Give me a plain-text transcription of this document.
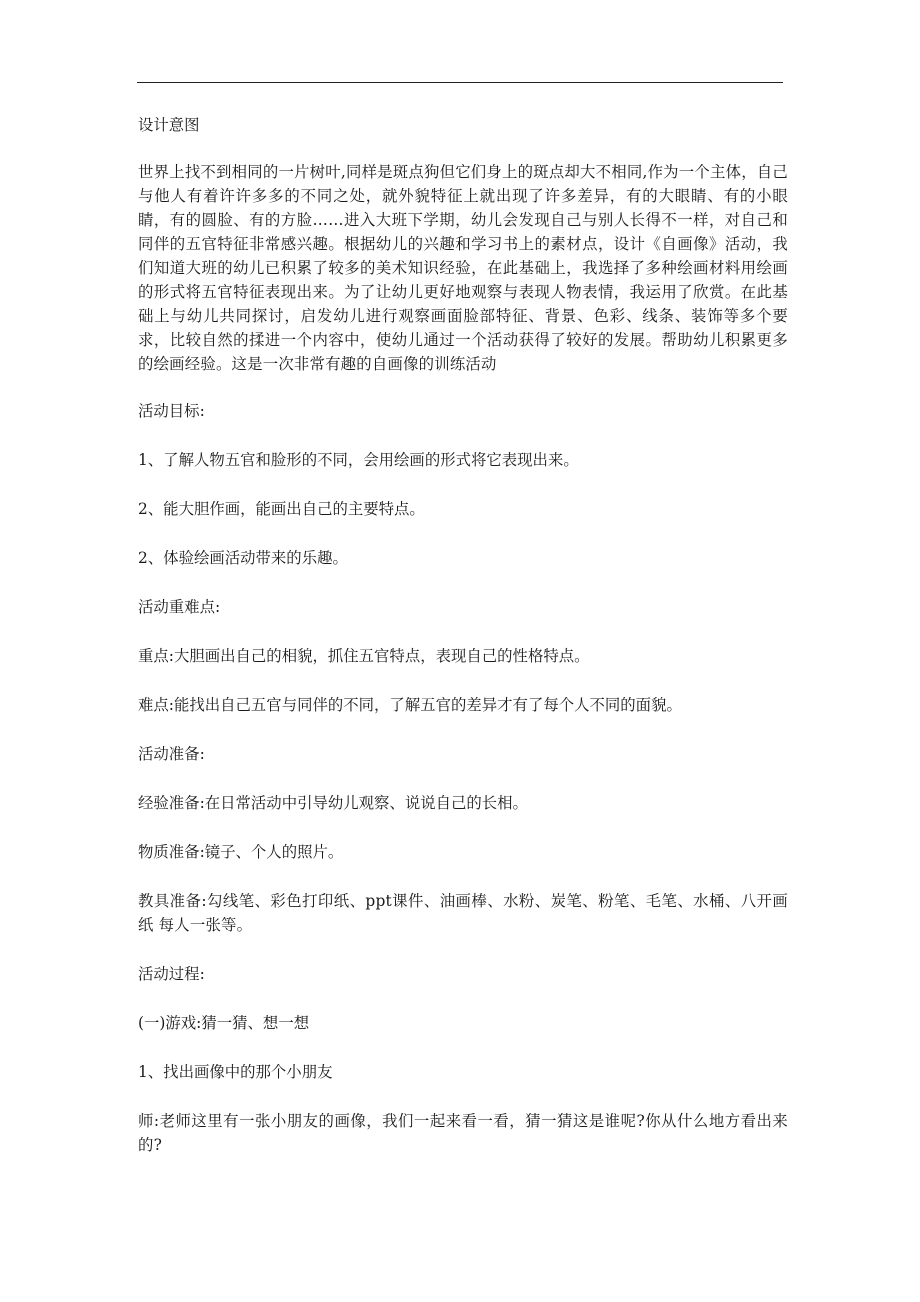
设计意图

世界上找不到相同的一片树叶,同样是斑点狗但它们身上的斑点却大不相同,作为一个主体，自己与他人有着许许多多的不同之处，就外貌特征上就出现了许多差异，有的大眼睛、有的小眼睛，有的圆脸、有的方脸……进入大班下学期，幼儿会发现自己与别人长得不一样，对自己和同伴的五官特征非常感兴趣。根据幼儿的兴趣和学习书上的素材点，设计《自画像》活动，我们知道大班的幼儿已积累了较多的美术知识经验，在此基础上，我选择了多种绘画材料用绘画的形式将五官特征表现出来。为了让幼儿更好地观察与表现人物表情，我运用了欣赏。在此基础上与幼儿共同探讨，启发幼儿进行观察画面脸部特征、背景、色彩、线条、装饰等多个要求，比较自然的揉进一个内容中，使幼儿通过一个活动获得了较好的发展。帮助幼儿积累更多的绘画经验。这是一次非常有趣的自画像的训练活动

活动目标:

1、了解人物五官和脸形的不同，会用绘画的形式将它表现出来。

2、能大胆作画，能画出自己的主要特点。

2、体验绘画活动带来的乐趣。

活动重难点:

重点:大胆画出自己的相貌，抓住五官特点，表现自己的性格特点。

难点:能找出自己五官与同伴的不同，了解五官的差异才有了每个人不同的面貌。

活动准备:

经验准备:在日常活动中引导幼儿观察、说说自己的长相。

物质准备:镜子、个人的照片。

教具准备:勾线笔、彩色打印纸、ppt课件、油画棒、水粉、炭笔、粉笔、毛笔、水桶、八开画纸 每人一张等。

活动过程:

(一)游戏:猜一猜、想一想

1、找出画像中的那个小朋友

师:老师这里有一张小朋友的画像，我们一起来看一看，猜一猜这是谁呢?你从什么地方看出来的?
